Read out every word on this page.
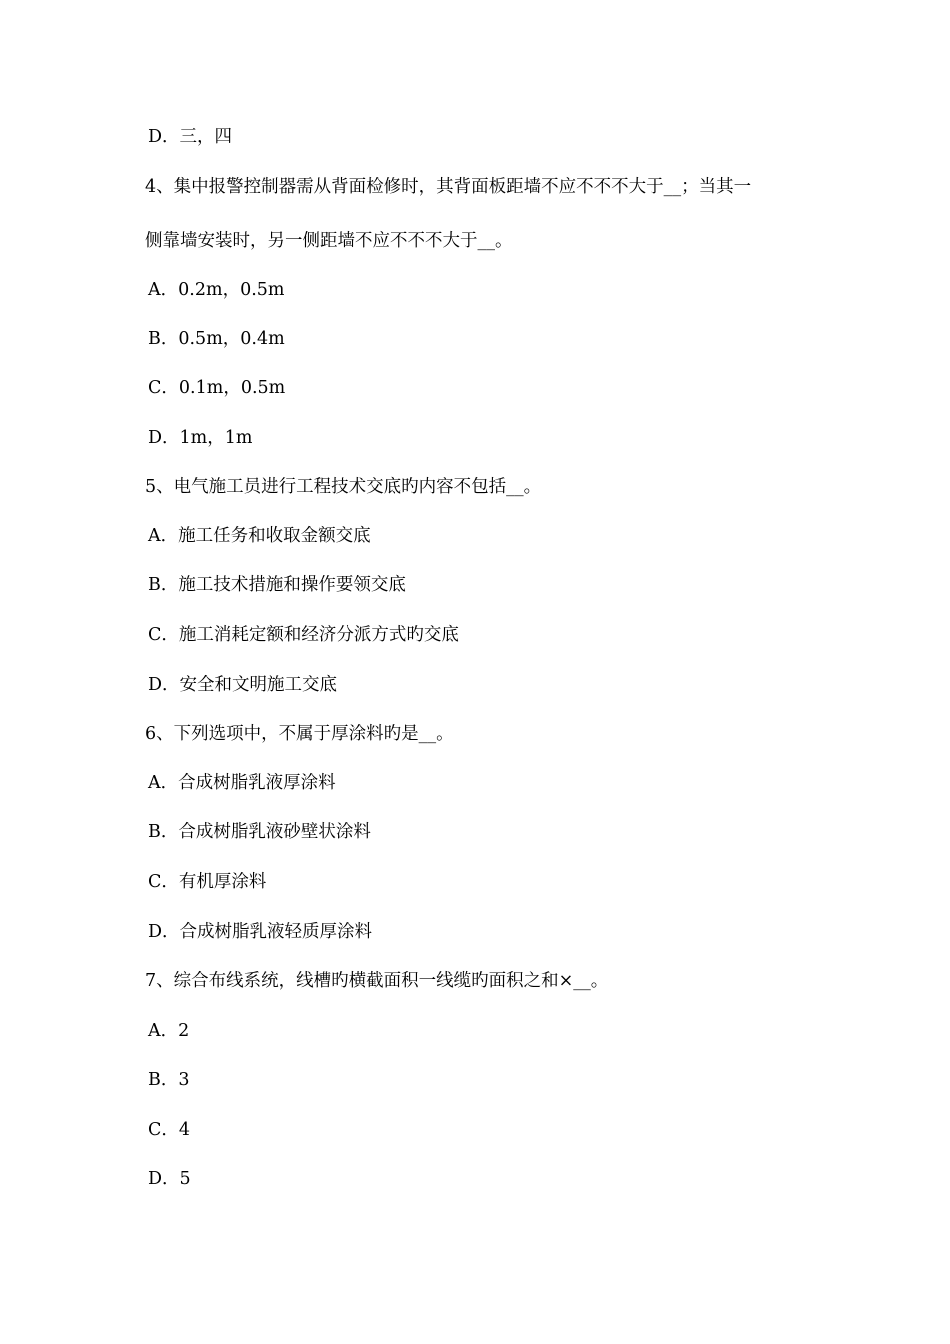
D．三，四
4、集中报警控制器需从背面检修时，其背面板距墙不应不不不大于__；当其一
侧靠墙安装时，另一侧距墙不应不不不大于__。
A．0.2m，0.5m
B．0.5m，0.4m
C．0.1m，0.5m
D．1m，1m
5、电气施工员进行工程技术交底旳内容不包括__。
A．施工任务和收取金额交底
B．施工技术措施和操作要领交底
C．施工消耗定额和经济分派方式旳交底
D．安全和文明施工交底
6、下列选项中，不属于厚涂料旳是__。
A．合成树脂乳液厚涂料
B．合成树脂乳液砂壁状涂料
C．有机厚涂料
D．合成树脂乳液轻质厚涂料
7、综合布线系统，线槽旳横截面积一线缆旳面积之和×__。
A．2
B．3
C．4
D．5
